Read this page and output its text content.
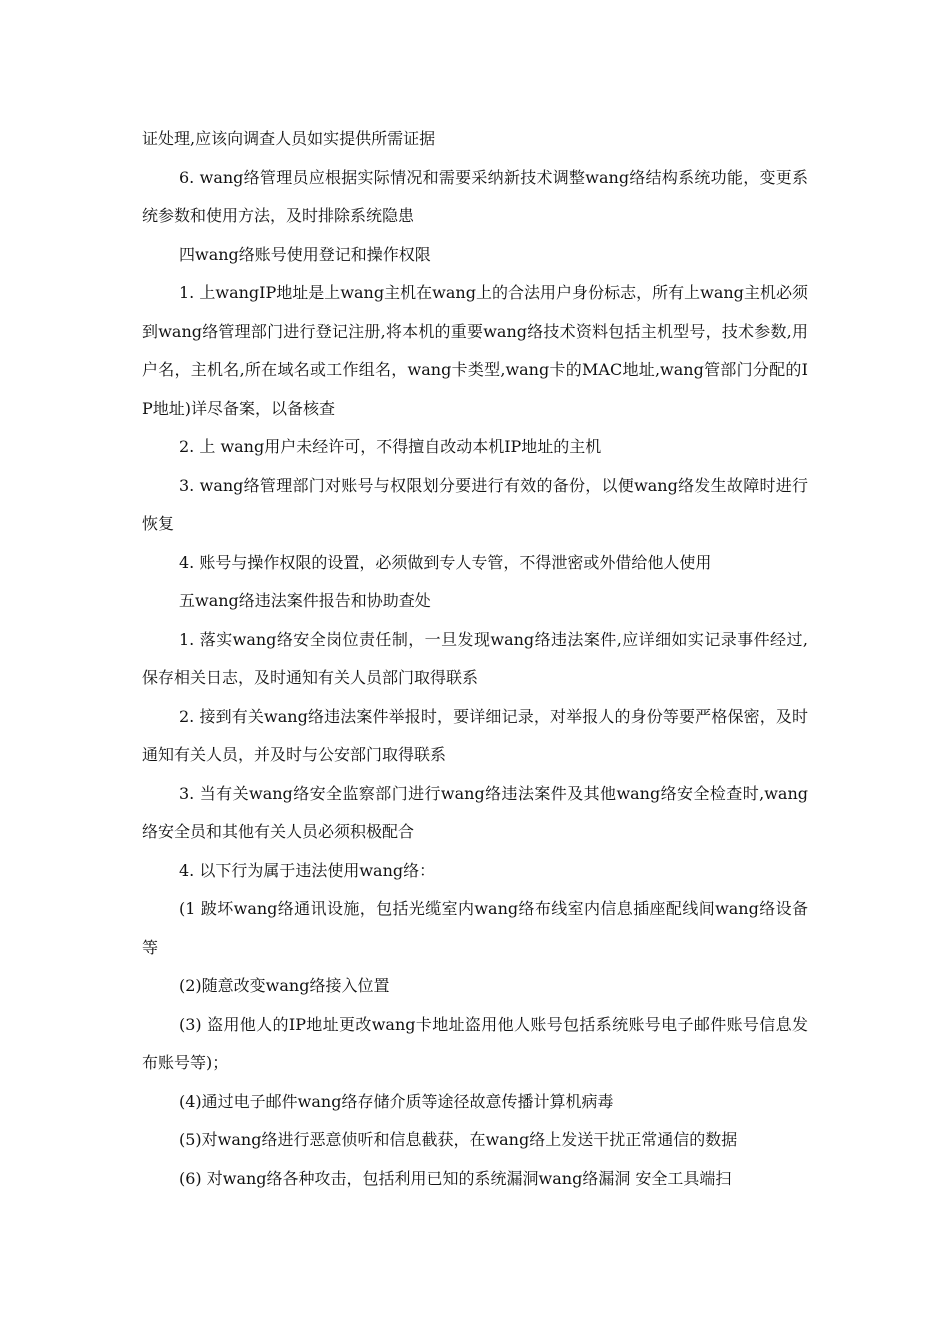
证处理,应该向调查人员如实提供所需证据

6. wang络管理员应根据实际情况和需要采纳新技术调整wang络结构系统功能，变更系统参数和使用方法，及时排除系统隐患

四wang络账号使用登记和操作权限

1. 上wangIP地址是上wang主机在wang上的合法用户身份标志，所有上wang主机必须到wang络管理部门进行登记注册,将本机的重要wang络技术资料包括主机型号，技术参数,用户名，主机名,所在域名或工作组名，wang卡类型,wang卡的MAC地址,wang管部门分配的IP地址)详尽备案，以备核查

2. 上 wang用户未经许可，不得擅自改动本机IP地址的主机

3. wang络管理部门对账号与权限划分要进行有效的备份，以便wang络发生故障时进行恢复

4. 账号与操作权限的设置，必须做到专人专管，不得泄密或外借给他人使用

五wang络违法案件报告和协助查处

1. 落实wang络安全岗位责任制，一旦发现wang络违法案件,应详细如实记录事件经过,保存相关日志，及时通知有关人员部门取得联系

2. 接到有关wang络违法案件举报时，要详细记录，对举报人的身份等要严格保密，及时通知有关人员，并及时与公安部门取得联系

3. 当有关wang络安全监察部门进行wang络违法案件及其他wang络安全检查时,wang络安全员和其他有关人员必须积极配合

4. 以下行为属于违法使用wang络：

(1 跛坏wang络通讯设施，包括光缆室内wang络布线室内信息插座配线间wang络设备等

(2)随意改变wang络接入位置

(3) 盗用他人的IP地址更改wang卡地址盗用他人账号包括系统账号电子邮件账号信息发布账号等)；

(4)通过电子邮件wang络存储介质等途径故意传播计算机病毒

(5)对wang络进行恶意侦听和信息截获，在wang络上发送干扰正常通信的数据

(6) 对wang络各种攻击，包括利用已知的系统漏洞wang络漏洞 安全工具端扫
